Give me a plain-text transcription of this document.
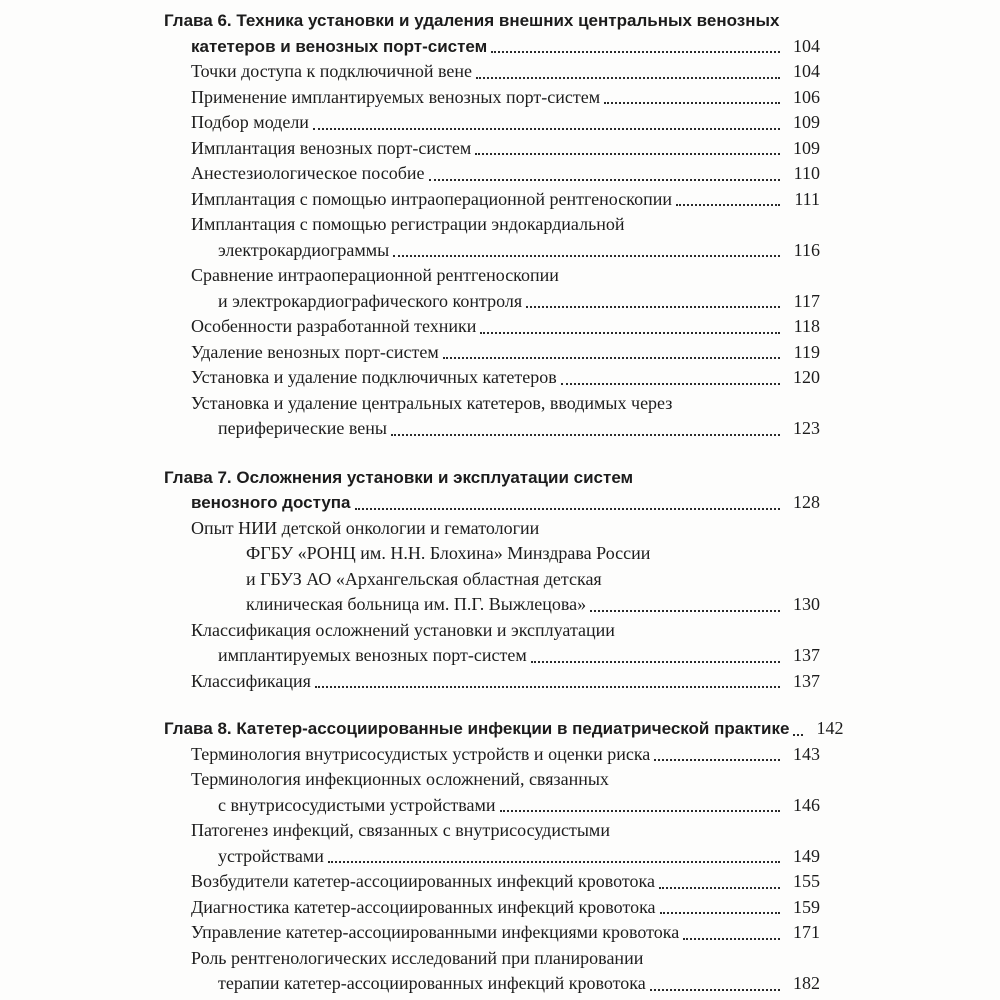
Глава 6. Техника установки и удаления внешних центральных венозных
катетеров и венозных порт-систем	104
Точки доступа к подключичной вене	104
Применение имплантируемых венозных порт-систем	106
Подбор модели	109
Имплантация венозных порт-систем	109
Анестезиологическое пособие	110
Имплантация с помощью интраоперационной рентгеноскопии	111
Имплантация с помощью регистрации эндокардиальной
электрокардиограммы	116
Сравнение интраоперационной рентгеноскопии
и электрокардиографического контроля	117
Особенности разработанной техники	118
Удаление венозных порт-систем	119
Установка и удаление подключичных катетеров	120
Установка и удаление центральных катетеров, вводимых через
периферические вены	123
Глава 7. Осложнения установки и эксплуатации систем
венозного доступа	128
Опыт НИИ детской онкологии и гематологии
ФГБУ «РОНЦ им. Н.Н. Блохина» Минздрава России
и ГБУЗ АО «Архангельская областная детская
клиническая больница им. П.Г. Выжлецова»	130
Классификация осложнений установки и эксплуатации
имплантируемых венозных порт-систем	137
Классификация	137
Глава 8. Катетер-ассоциированные инфекции в педиатрической практике	142
Терминология внутрисосудистых устройств и оценки риска	143
Терминология инфекционных осложнений, связанных
с внутрисосудистыми устройствами	146
Патогенез инфекций, связанных с внутрисосудистыми
устройствами	149
Возбудители катетер-ассоциированных инфекций кровотока	155
Диагностика катетер-ассоциированных инфекций кровотока	159
Управление катетер-ассоциированными инфекциями кровотока	171
Роль рентгенологических исследований при планировании
терапии катетер-ассоциированных инфекций кровотока	182
